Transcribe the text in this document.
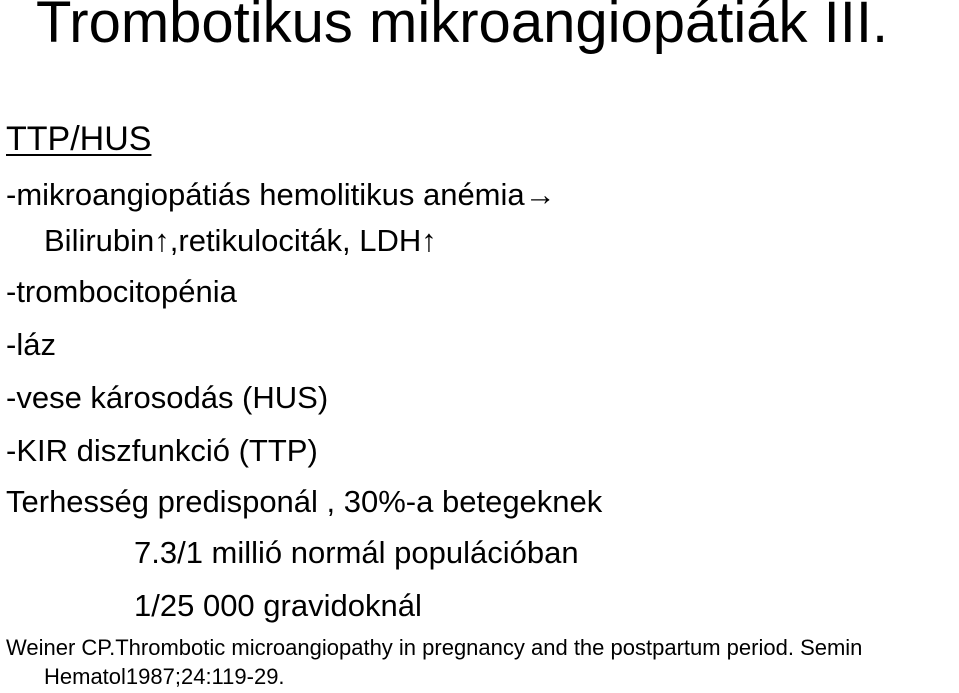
Trombotikus mikroangiopátiák III.
TTP/HUS
-mikroangiopátiás hemolitikus anémia→
Bilirubin↑,retikulociták, LDH↑
-trombocitopénia
-láz
-vese károsodás (HUS)
-KIR diszfunkció (TTP)
Terhesség predisponál , 30%-a betegeknek
7.3/1 millió normál populációban
1/25 000 gravidoknál
Weiner CP.Thrombotic microangiopathy in pregnancy and the postpartum period. Semin
Hematol1987;24:119-29.
